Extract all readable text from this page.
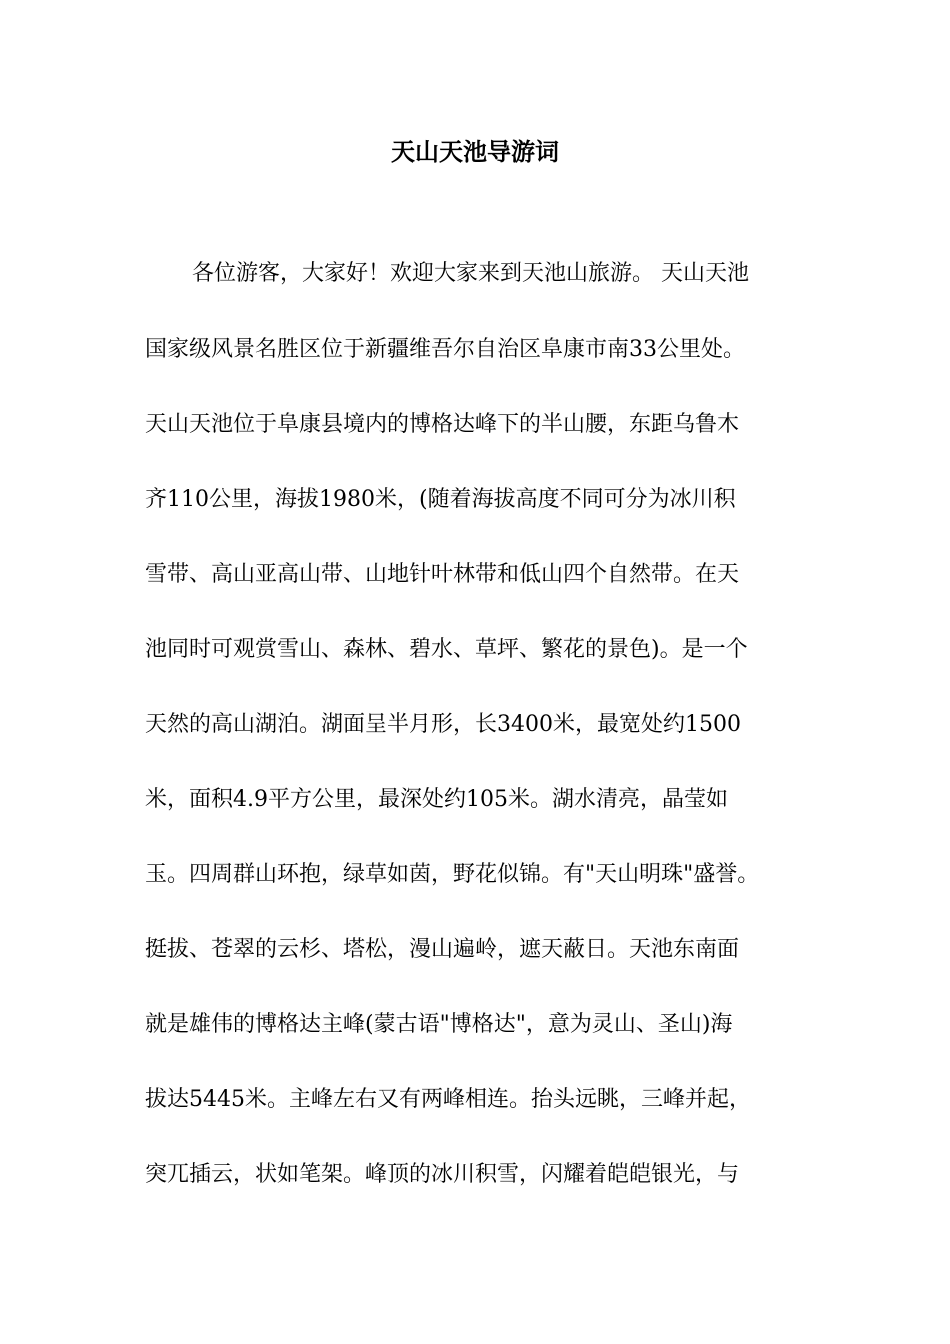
天山天池导游词
各位游客，大家好！欢迎大家来到天池山旅游。 天山天池
国家级风景名胜区位于新疆维吾尔自治区阜康市南33公里处。
天山天池位于阜康县境内的博格达峰下的半山腰，东距乌鲁木
齐110公里，海拔1980米，(随着海拔高度不同可分为冰川积
雪带、高山亚高山带、山地针叶林带和低山四个自然带。在天
池同时可观赏雪山、森林、碧水、草坪、繁花的景色)。是一个
天然的高山湖泊。湖面呈半月形，长3400米，最宽处约1500
米，面积4.9平方公里，最深处约105米。湖水清亮，晶莹如
玉。四周群山环抱，绿草如茵，野花似锦。有"天山明珠"盛誉。
挺拔、苍翠的云杉、塔松，漫山遍岭，遮天蔽日。天池东南面
就是雄伟的博格达主峰(蒙古语"博格达"，意为灵山、圣山)海
拔达5445米。主峰左右又有两峰相连。抬头远眺，三峰并起，
突兀插云，状如笔架。峰顶的冰川积雪，闪耀着皑皑银光，与
